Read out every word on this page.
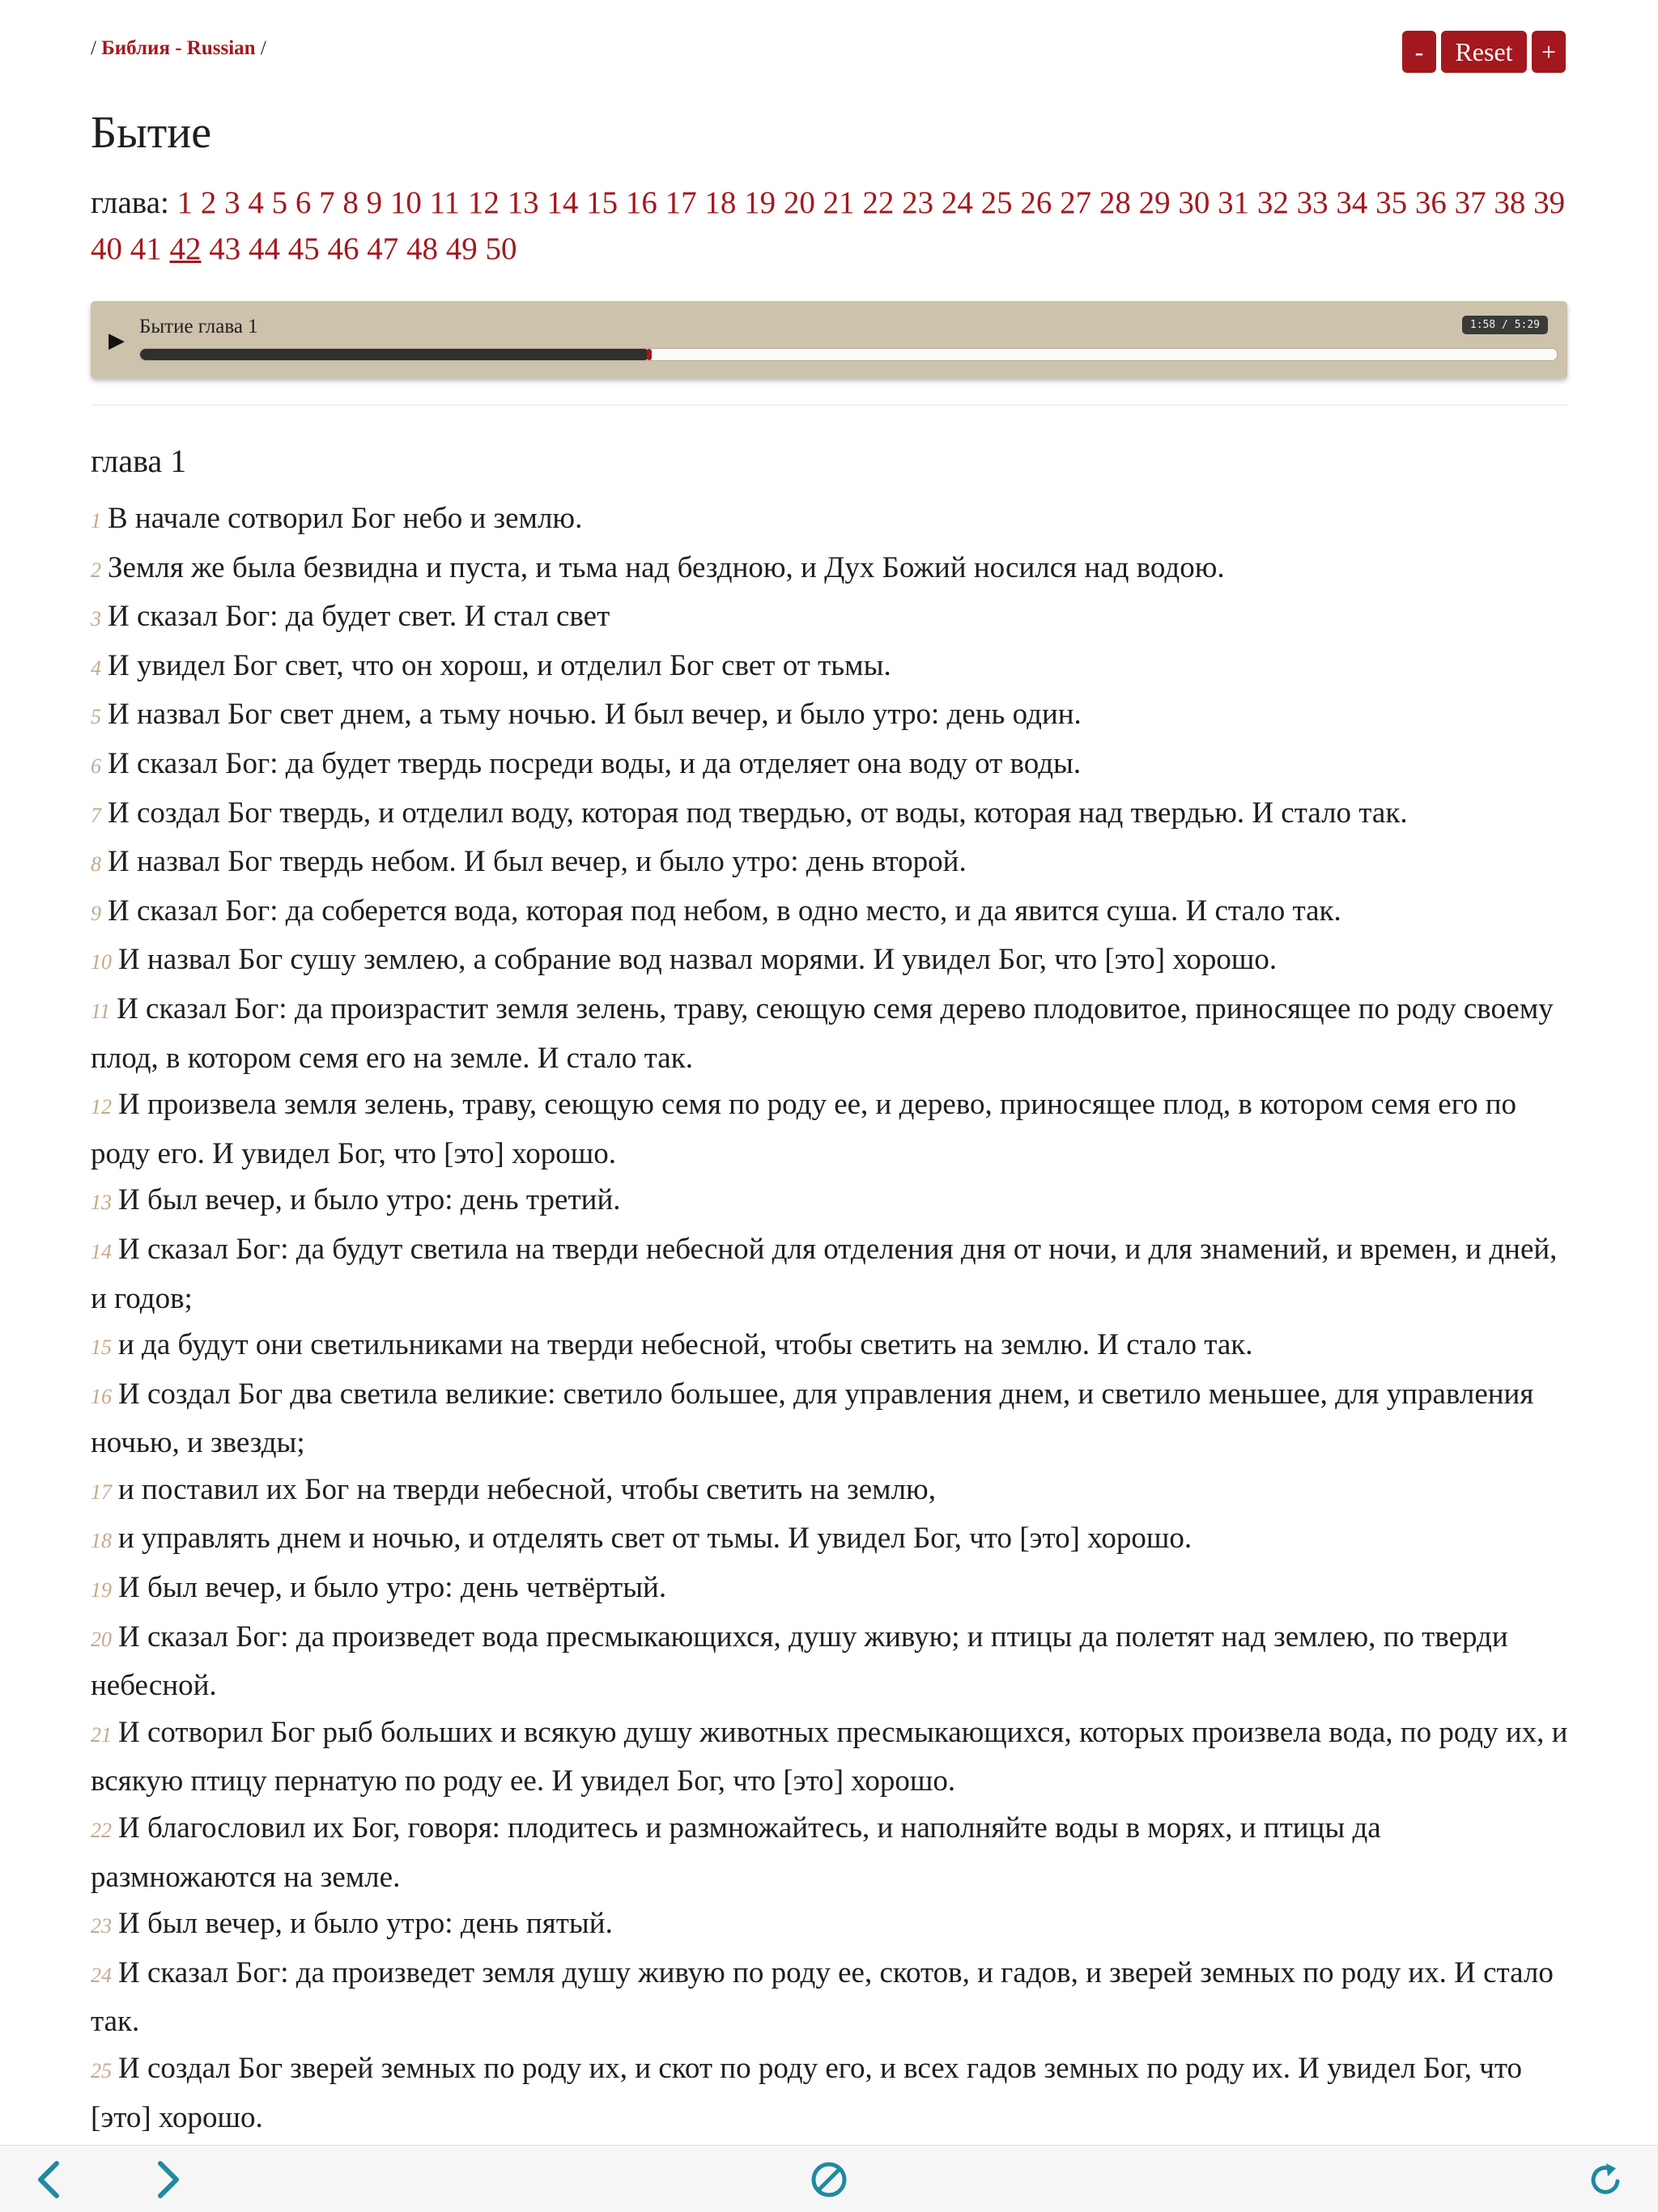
/ Библия - Russian /	-	Reset	+
Бытие
глава: 1 2 3 4 5 6 7 8 9 10 11 12 13 14 15 16 17 18 19 20 21 22 23 24 25 26 27 28 29 30 31 32 33 34 35 36 37 38 39 40 41 42 43 44 45 46 47 48 49 50
▶
Бытие глава 1	1:58 / 5:29
глава 1
1 В начале сотворил Бог небо и землю.
2 Земля же была безвидна и пуста, и тьма над бездною, и Дух Божий носился над водою.
3 И сказал Бог: да будет свет. И стал свет
4 И увидел Бог свет, что он хорош, и отделил Бог свет от тьмы.
5 И назвал Бог свет днем, а тьму ночью. И был вечер, и было утро: день один.
6 И сказал Бог: да будет твердь посреди воды, и да отделяет она воду от воды.
7 И создал Бог твердь, и отделил воду, которая под твердью, от воды, которая над твердью. И стало так.
8 И назвал Бог твердь небом. И был вечер, и было утро: день второй.
9 И сказал Бог: да соберется вода, которая под небом, в одно место, и да явится суша. И стало так.
10 И назвал Бог сушу землею, а собрание вод назвал морями. И увидел Бог, что [это] хорошо.
11 И сказал Бог: да произрастит земля зелень, траву, сеющую семя дерево плодовитое, приносящее по роду своему плод, в котором семя его на земле. И стало так.
12 И произвела земля зелень, траву, сеющую семя по роду ее, и дерево, приносящее плод, в котором семя его по роду его. И увидел Бог, что [это] хорошо.
13 И был вечер, и было утро: день третий.
14 И сказал Бог: да будут светила на тверди небесной для отделения дня от ночи, и для знамений, и времен, и дней, и годов;
15 и да будут они светильниками на тверди небесной, чтобы светить на землю. И стало так.
16 И создал Бог два светила великие: светило большее, для управления днем, и светило меньшее, для управления ночью, и звезды;
17 и поставил их Бог на тверди небесной, чтобы светить на землю,
18 и управлять днем и ночью, и отделять свет от тьмы. И увидел Бог, что [это] хорошо.
19 И был вечер, и было утро: день четвёртый.
20 И сказал Бог: да произведет вода пресмыкающихся, душу живую; и птицы да полетят над землею, по тверди небесной.
21 И сотворил Бог рыб больших и всякую душу животных пресмыкающихся, которых произвела вода, по роду их, и всякую птицу пернатую по роду ее. И увидел Бог, что [это] хорошо.
22 И благословил их Бог, говоря: плодитесь и размножайтесь, и наполняйте воды в морях, и птицы да размножаются на земле.
23 И был вечер, и было утро: день пятый.
24 И сказал Бог: да произведет земля душу живую по роду ее, скотов, и гадов, и зверей земных по роду их. И стало так.
25 И создал Бог зверей земных по роду их, и скот по роду его, и всех гадов земных по роду их. И увидел Бог, что [это] хорошо.
